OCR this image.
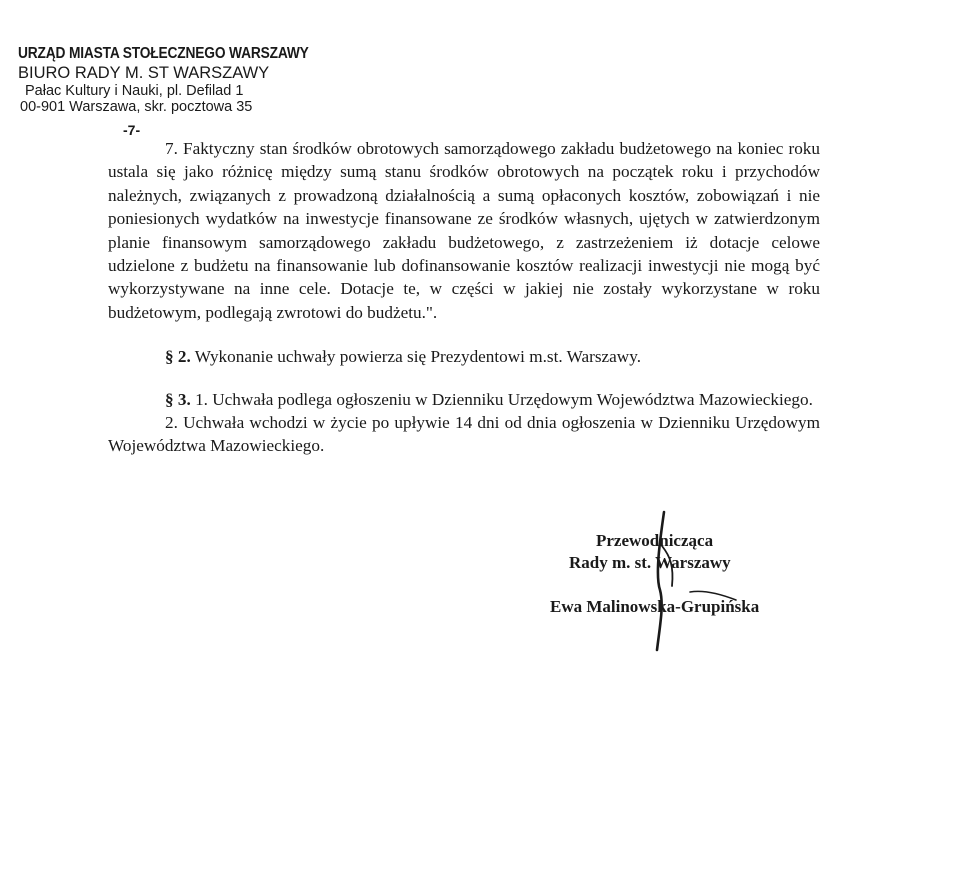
URZĄD MIASTA STOŁECZNEGO WARSZAWY
BIURO RADY M. ST WARSZAWY
Pałac Kultury i Nauki, pl. Defilad 1
00-901 Warszawa, skr. pocztowa 35
-7-

7. Faktyczny stan środków obrotowych samorządowego zakładu budżetowego na koniec roku ustala się jako różnicę między sumą stanu środków obrotowych na początek roku i przychodów należnych, związanych z prowadzoną działalnością a sumą opłaconych kosztów, zobowiązań i nie poniesionych wydatków na inwestycje finansowane ze środków własnych, ujętych w zatwierdzonym planie finansowym samorządowego zakładu budżetowego, z zastrzeżeniem iż dotacje celowe udzielone z budżetu na finansowanie lub dofinansowanie kosztów realizacji inwestycji nie mogą być wykorzystywane na inne cele. Dotacje te, w części w jakiej nie zostały wykorzystane w roku budżetowym, podlegają zwrotowi do budżetu.".

§ 2. Wykonanie uchwały powierza się Prezydentowi m.st. Warszawy.

§ 3. 1. Uchwała podlega ogłoszeniu w Dzienniku Urzędowym Województwa Mazowieckiego.

2. Uchwała wchodzi w życie po upływie 14 dni od dnia ogłoszenia w Dzienniku Urzędowym Województwa Mazowieckiego.

Przewodnicząca
Rady m. st. Warszawy
Ewa Malinowska-Grupińska
